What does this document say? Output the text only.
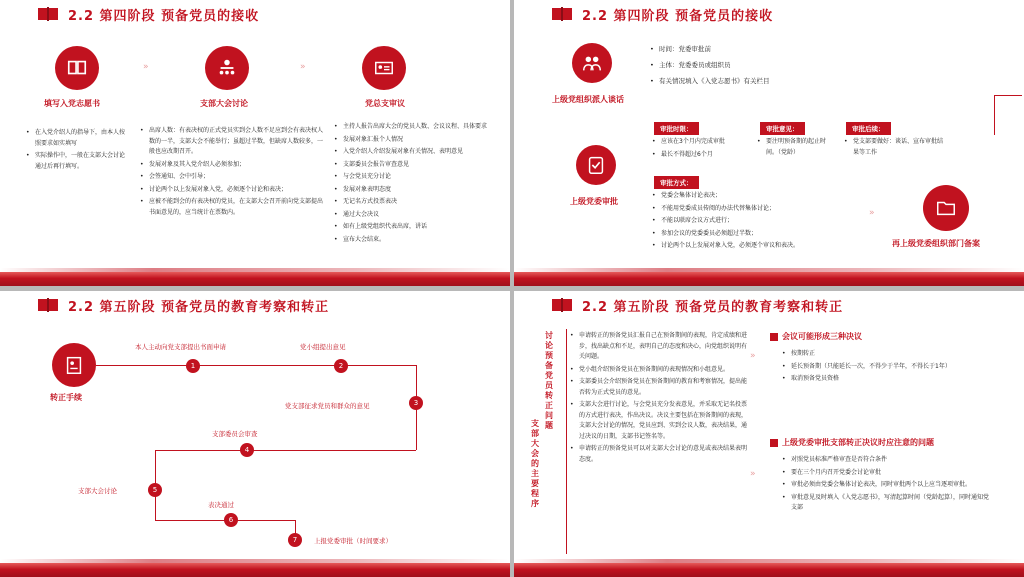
2.2 第四阶段 预备党员的接收
填写入党志愿书
»
支部大会讨论
»
党总支审议
• 在入党介绍人的指导下，由本人按照要求如实填写
• 实际操作中，一般在支部大会讨论通过后再行填写。
• 出席人数：有表决权的正式党员实到会人数不足应到会有表决权人数的一半，支部大会不能举行；虽超过半数，但缺席人数较多，一般也应改期召开。
• 发展对象及其入党介绍人必须参加；
• 会签通知、会中引导；
• 讨论两个以上发展对象入党，必须逐个讨论和表决；
• 应被不能到会的有表决权的党员，在支部大会召开前向党支部提出书面意见的，应当统计在票数内。
• 主持人报告出席大会的党员人数、会议议程、具体要求
• 发展对象汇报个人情况
• 入党介绍人介绍发展对象有关情况、表明意见
• 支部委员会报告审查意见
• 与会党员充分讨论
• 发展对象表明态度
• 无记名方式投票表决
• 通过大会决议
• 如有上级党组织代表出席，讲话
• 宣布大会结束。
2.2 第四阶段 预备党员的接收
上级党组织派人谈话
上级党委审批
• 时间：党委审批前
• 主体：党委委员或组织员
• 有关情况填入《入党志愿书》有关栏目
审批时限：
• 应该在3个月内完成审批
• 最长不得超过6个月
审批意见：
• 要注明预备期的起止时间。（党龄）
审批后续：
• 党支部要做好：谈话、宣布审批结果等工作
审批方式：
• 党委会集体讨论表决；
• 不能用党委成员传阅的办法代替集体讨论；
• 不能以联席会议方式进行；
• 参加会议的党委委员必须超过半数；
• 讨论两个以上发展对象入党，必须逐个审议和表决。
»
再上级党委组织部门备案
2.2 第五阶段 预备党员的教育考察和转正
转正手续
1
本人主动向党支部提出书面申请
2
党小组提出意见
3
党支部征求党员和群众的意见
4
支部委员会审查
5
支部大会讨论
6
表决通过
7	上报党委审批（时间要求）
2.2 第五阶段 预备党员的教育考察和转正
讨论预备党员转正问题
支部大会的主要程序
• 申请转正的预备党员汇报自己在预备期间的表现，肯定成绩和进步，找出缺点和不足，表明自己的态度和决心，向党组织说明有关问题。
• 党小组介绍预备党员在预备期间的表现情况和小组意见。
• 支部委员会介绍预备党员在预备期间的教育和考察情况，提出能否转为正式党员的意见。
• 支部大会进行讨论，与会党员充分发表意见，并采取无记名投票的方式进行表决，作出决议。决议主要包括在预备期间的表现，支部大会讨论的情况，党员应到、实到会议人数，表决结果，通过决议的日期，支部书记签名等。
• 申请转正的预备党员可以对支部大会讨论的意见或表决结果表明态度。
»
»
会议可能形成三种决议
• 按期转正
• 延长预备期（只能延长一次，不得少于半年，不得长于1年）
• 取消预备党员资格
上级党委审批支部转正决议时应注意的问题
• 对照党员标准严格审查是否符合条件
• 要在三个月内召开党委会讨论审批
• 审批必须由党委会集体讨论表决，同时审批两个以上应当逐项审批。
• 审批意见及时填入《入党志愿书》，写清起算时间（党龄起算），同时通知党支部
